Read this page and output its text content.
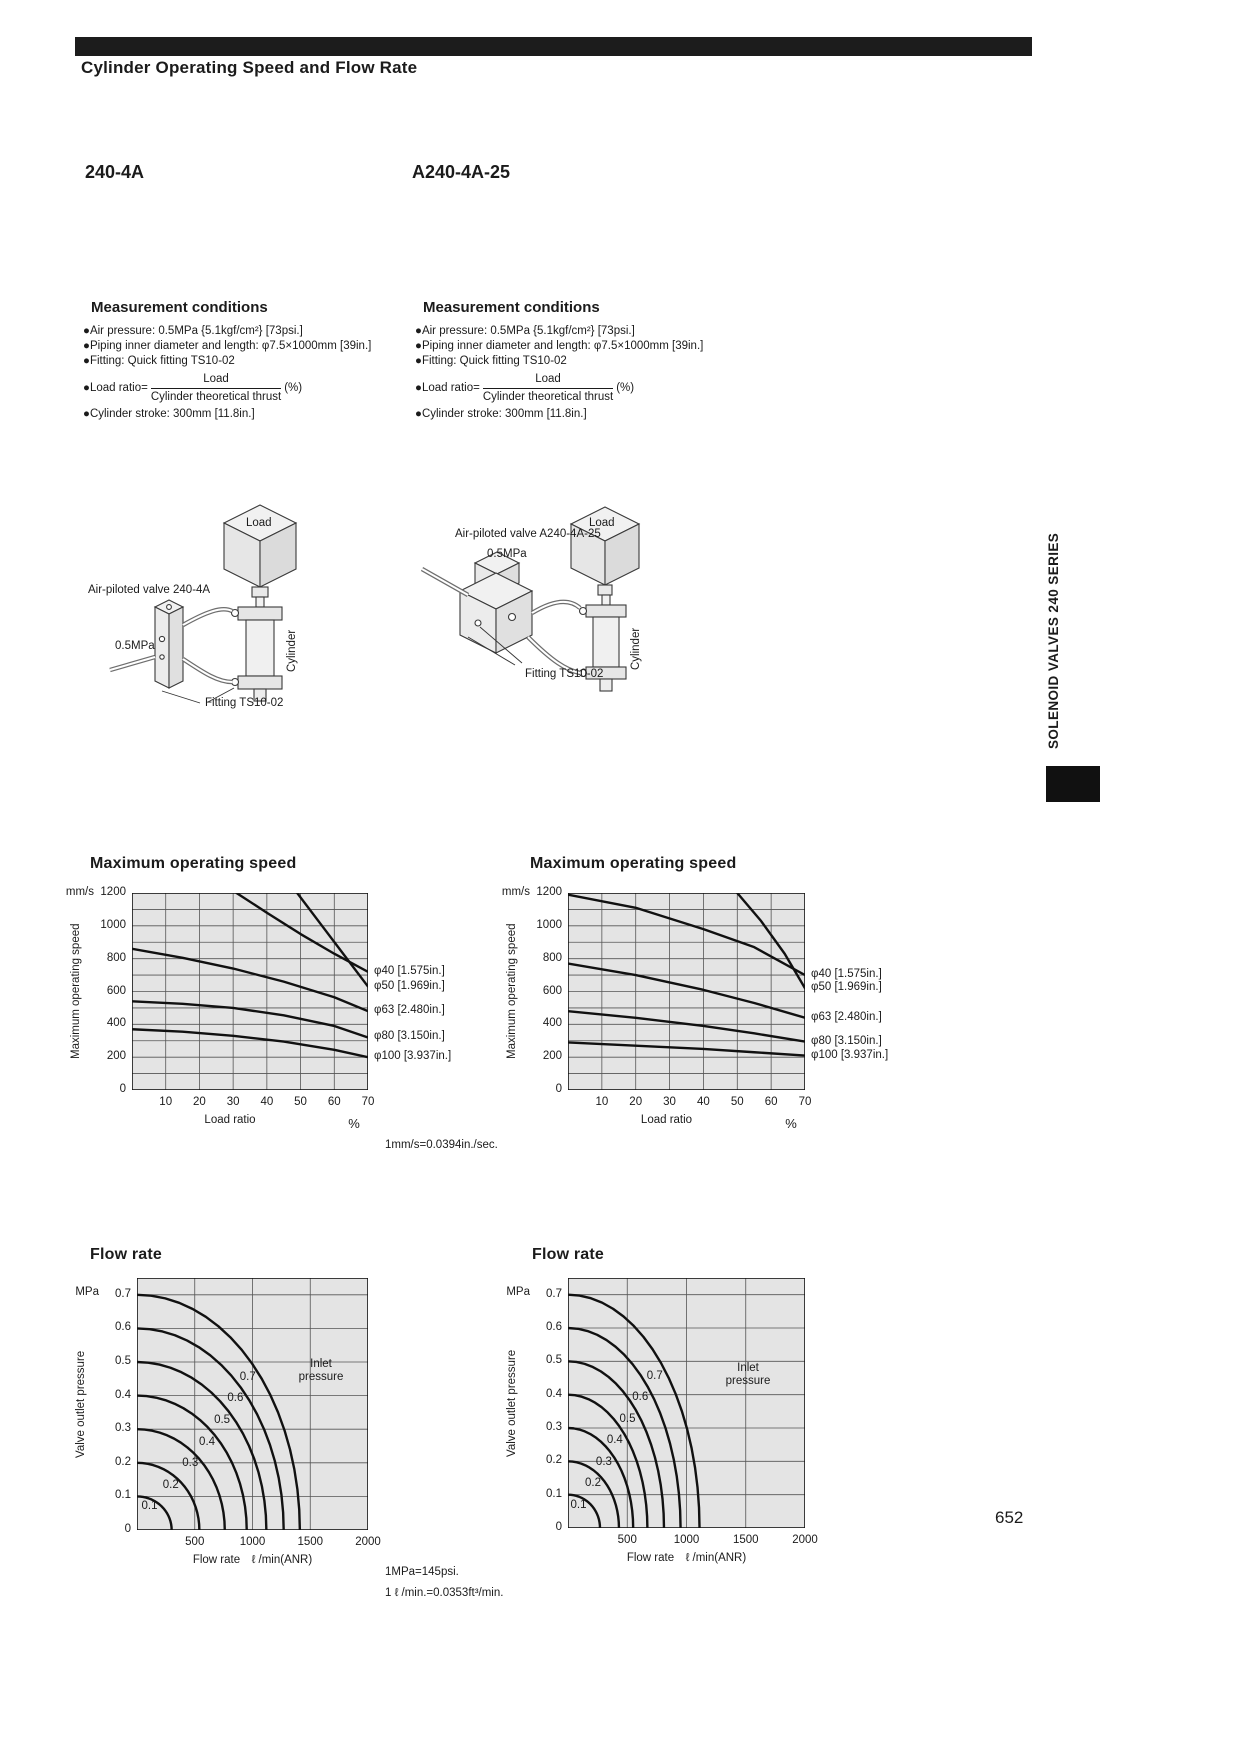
Cylinder Operating Speed and Flow Rate
240-4A	A240-4A-25
Measurement conditions
●Air pressure: 0.5MPa {5.1kgf/cm²} [73psi.]
●Piping inner diameter and length: φ7.5×1000mm [39in.]
●Fitting: Quick fitting TS10-02
●Load ratio= $\frac{\text{Load}}{\text{Cylinder theoretical thrust}}$ (%)
●Cylinder stroke: 300mm [11.8in.]
Measurement conditions
●Air pressure: 0.5MPa {5.1kgf/cm²} [73psi.]
●Piping inner diameter and length: φ7.5×1000mm [39in.]
●Fitting: Quick fitting TS10-02
●Load ratio= $\frac{\text{Load}}{\text{Cylinder theoretical thrust}}$ (%)
●Cylinder stroke: 300mm [11.8in.]
Air-piloted valve 240-4A
0.5MPa
Load
Cylinder
Fitting TS10-02
Air-piloted valve A240-4A-25
0.5MPa
Load
Cylinder
Fitting TS10-02	SOLENOID VALVES 240 SERIES
Maximum operating speed	Maximum operating speed
Flow rate	Flow rate
0
200
400
600
800
1000
1200
10	20	30	40	50	60	70
mm/s
Maximum operating speed
Load ratio	%
φ40 [1.575in.]
φ50 [1.969in.]
φ63 [2.480in.]
φ80 [3.150in.]
φ100 [3.937in.]
0
200
400
600
800
1000
1200
10	20	30	40	50	60	70
mm/s
Maximum operating speed
Load ratio	%
φ40 [1.575in.]
φ50 [1.969in.]
φ63 [2.480in.]
φ80 [3.150in.]
φ100 [3.937in.]
0
0.1
0.2
0.3
0.4
0.5
0.6
0.7
500	1000	1500	2000
MPa
Valve outlet pressure
Flow rate  ℓ /min(ANR)
0.1
0.2
0.3
0.4
0.5
0.6
0.7
Inlet pressure
0
0.1
0.2
0.3
0.4
0.5
0.6
0.7
500	1000	1500	2000
MPa
Valve outlet pressure
Flow rate  ℓ /min(ANR)
0.1
0.2
0.3
0.4
0.5
0.6
0.7
Inlet pressure
1mm/s=0.0394in./sec.
1MPa=145psi.
1 ℓ /min.=0.0353ft³/min.
652
